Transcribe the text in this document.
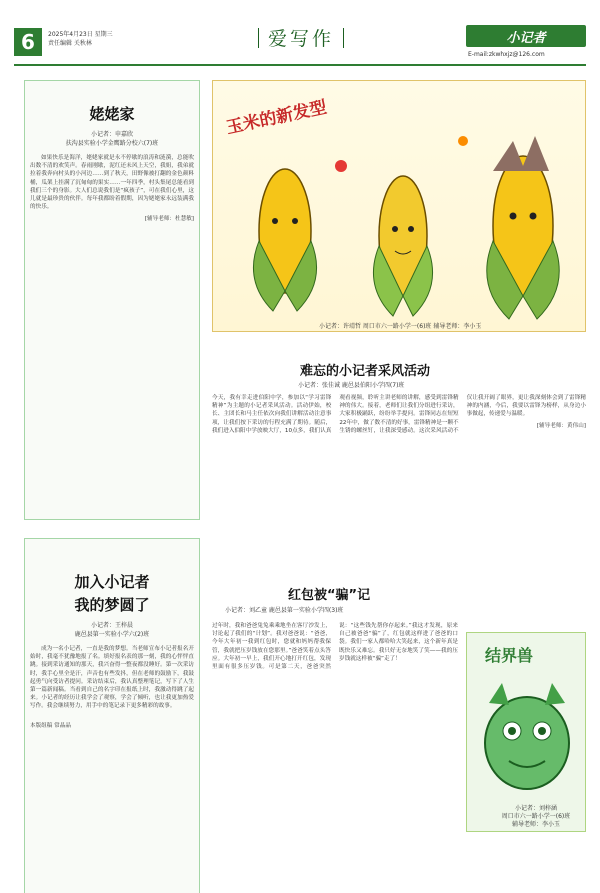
6	2025年4月23日 星期三
责任编辑 关秋林	爱写作	小记者
E-mail:zkwhxjz@126.com
姥姥家
小记者：申嘉欣
扶沟县实验小学金鹰路分校六(7)班
如果快乐是海洋，姥姥家就是永不停歇的浪涛和涟漪，总能吹出数不清的欢笑声。春雨刚歇，泥红还未风上天空，我姐，我弟就拉着我奔向村头的小河边……到了秋天，田野像被打翻的金色颜料桶，瓜架上挂满了沉甸甸的果实……一年四季，村头集尾总能看到我们三个的身影。大人们总说我们是“疯孩子”，可在我们心里，这儿就是最珍贵的伙伴。每年我都盼着假期，因为姥姥家永远装满我的快乐。
[辅导老师：杜慧敏]
加入小记者
我的梦圆了
小记者：王梓晨
鹿邑县第一实验小学六(2)班
成为一名小记者，一直是我的梦想。当老师宣布小记者报名开始时，我毫不犹豫地报了名。填好报名表的那一刻，我的心怦怦直跳。接到采访通知的那天，我兴奋得一整夜都没睡好。第一次采访时，我手心里全是汗，声音也有些发抖，但在老师的鼓励下，我鼓起勇气向受访者提问。采访结束后，我认真整理笔记，写下了人生第一篇新闻稿。当看到自己的名字印在报纸上时，我激动得跳了起来。小记者的经历让我学会了观察，学会了倾听，也让我更加热爱写作。我会继续努力，用手中的笔记录下更多精彩的故事。
本版组稿 常晶晶
玉米的新发型
小记者：许靖哲 周口市六一路小学一(6)班 辅导老师：李小玉
难忘的小记者采风活动
小记者：张佳诚 鹿邑县伯阳小学四(7)班
今天，我有幸走进伯阳中学，参加以“学习雷锋精神”为主题的小记者采风活动。活动伊始，校长、主团长和马主任依次向我们讲解活动注意事项，让我们按下采访的行程充满了期待。随后，我们进入伯阳中学放映大厅，10点多，我们认真观看视频，聆听主讲老师的讲解，感受到雷锋精神的伟大。接着，老师们让我们分组进行采访，大家积极踊跃，纷纷举手提问。雷锋同志在短短22年中，做了数不清的好事，雷锋精神是一颗不生锈的螺丝钉，让我深受感动。这次采风活动不仅让我开阔了眼界，更让我深刻体会到了雷锋精神的内涵，今后，我要以雷锋为榜样，从身边小事做起，传递爱与温暖。
[辅导老师：黄伟山]
红包被“骗”记
小记者：刘乙童 鹿邑县第一实验小学四(3)班
过年时，我和爸爸兔兔乘乘地坐在客厅沙发上，讨论起了我们的“计划”。我对爸爸说：“爸爸，今年大年初一我到红包时，您就和妈妈帮我保管，我就把压岁钱放在您那里。”爸爸笑着点头答应。大年初一早上，我们开心地打开红包，发现里面有很多压岁钱。可是第二天，爸爸突然说：“这些钱先帮你存起来。”我这才发现，原来自己被爸爸“骗”了，红包就这样进了爸爸的口袋。我们一家人都哈哈大笑起来，这个新年真是既快乐又难忘。我只好无奈地笑了笑——我的压岁钱就这样被“骗”走了！	结界兽
小记者：刘梓涵
周口市六一路小学一(6)班
辅导老师：李小玉
